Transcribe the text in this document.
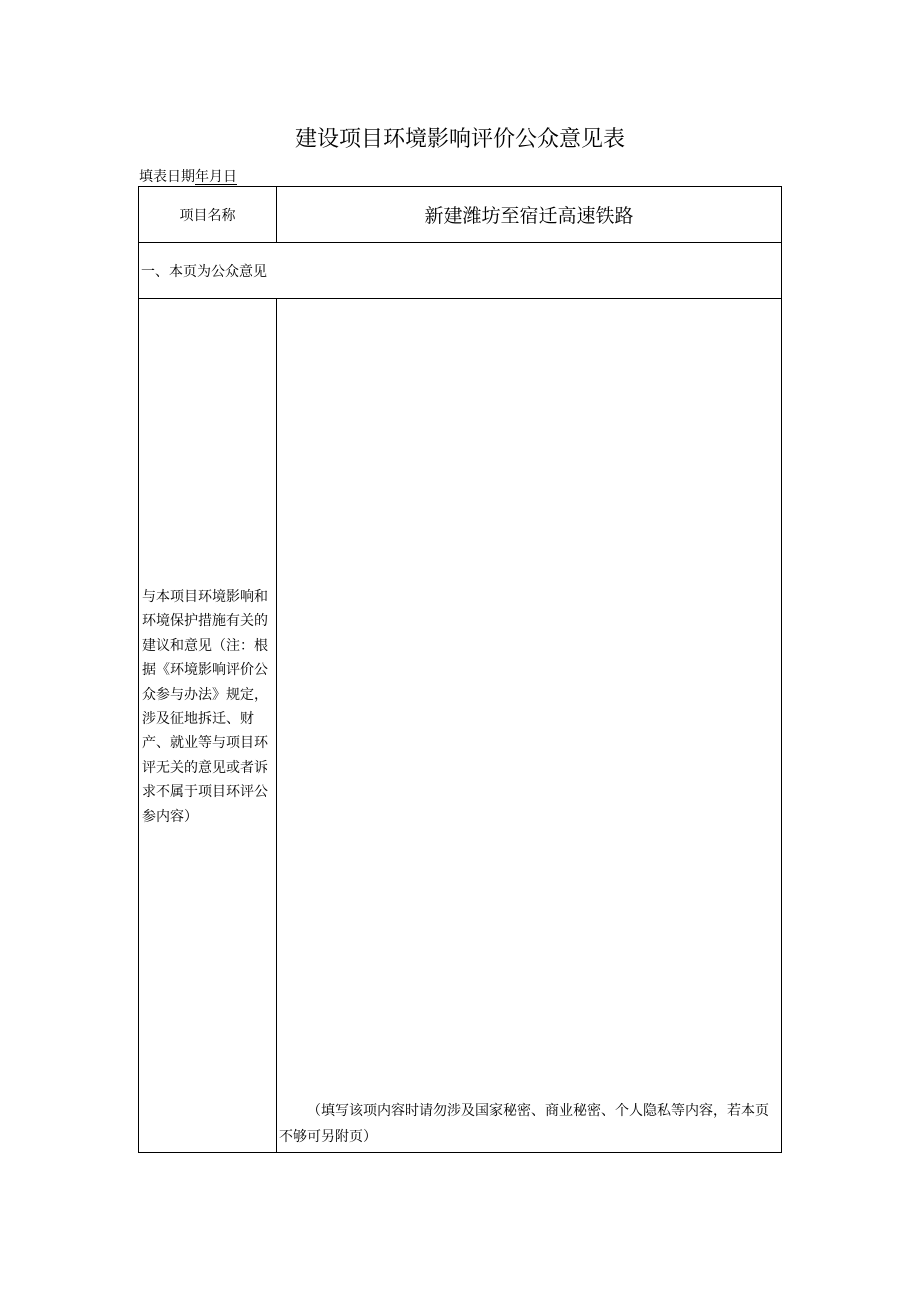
建设项目环境影响评价公众意见表
填表日期年月日
项目名称	新建潍坊至宿迁高速铁路
一、本页为公众意见	

与本项目环境影响和环境保护措施有关的建议和意见（注：根据《环境影响评价公众参与办法》规定，涉及征地拆迁、财产、就业等与项目环评无关的意见或者诉求不属于项目环评公参内容）	（填写该项内容时请勿涉及国家秘密、商业秘密、个人隐私等内容，若本页不够可另附页）
